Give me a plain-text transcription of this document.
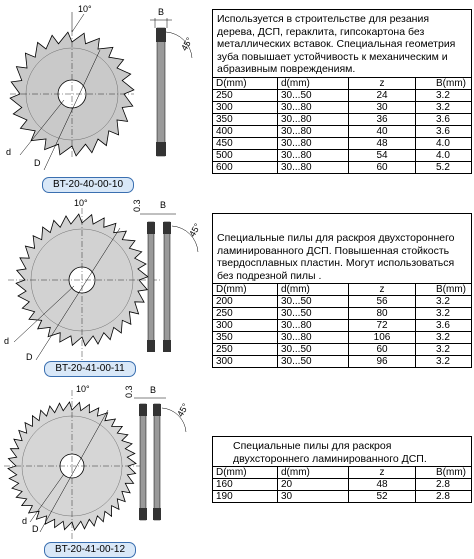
d
D
10°	B
45°
BT-20-40-00-10
d
D
10°	B
0.3
45°
BT-20-41-00-11
d
D
10°	B
0.3
45°
BT-20-41-00-12
Используется в строительстве для резания дерева, ДСП, гераклита, гипсокартона без металлических вставок. Специальная геометрия зуба повышает устойчивость к механическим и абразивным повреждениям.
D(mm)	d(mm)	z	B(mm)
250	30...50	24	3.2
300	30...80	30	3.2
350	30...80	36	3.6
400	30...80	40	3.6
450	30...80	48	4.0
500	30...80	54	4.0
600	30...80	60	5.2
Специальные пилы для раскроя двухстороннего ламинированного ДСП. Повышенная стойкость твердосплавных пластин. Могут использоваться без подрезной пилы .
D(mm)	d(mm)	z	B(mm)
200	30...50	56	3.2
250	30...50	80	3.2
300	30...80	72	3.6
350	30...80	106	3.2
250	30...50	60	3.2
300	30...50	96	3.2
Специальные пилы для раскроя двухстороннего ламинированного ДСП.
D(mm)	d(mm)	z	B(mm)
160	20	48	2.8
190	30	52	2.8
